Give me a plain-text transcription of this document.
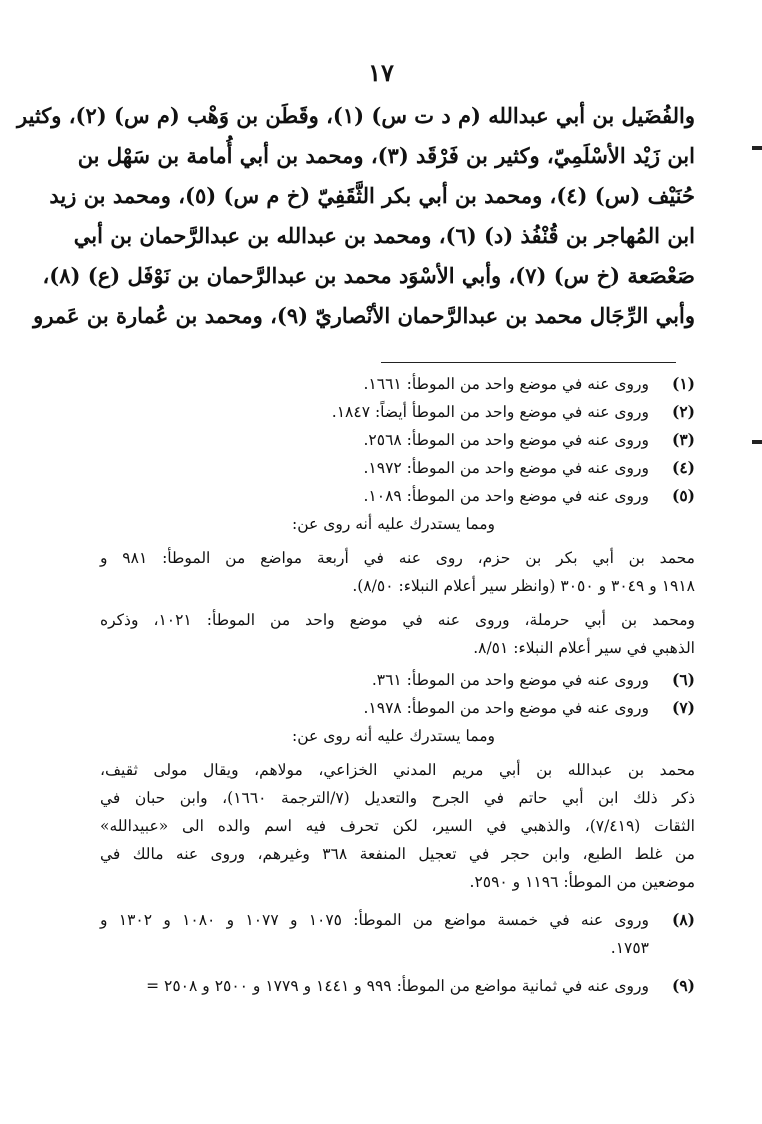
١٧
والفُضَيل بن أبي عبدالله (م د ت س) (١)، وقَطَن بن وَهْب (م س) (٢)، وكثير
ابن زَيْد الأسْلَمِيّ، وكثير بن فَرْقَد (٣)، ومحمد بن أبي أُمامة بن سَهْل بن
حُنَيْف (س) (٤)، ومحمد بن أبي بكر الثَّقَفِيّ (خ م س) (٥)، ومحمد بن زيد
ابن المُهاجر بن قُنْفُذ (د) (٦)، ومحمد بن عبدالله بن عبدالرَّحمان بن أبي
صَعْصَعة (خ س) (٧)، وأبي الأسْوَد محمد بن عبدالرَّحمان بن نَوْفَل (ع) (٨)،
وأبي الرِّجَال محمد بن عبدالرَّحمان الأنْصاريّ (٩)، ومحمد بن عُمارة بن عَمرو
(١)وروى عنه في موضع واحد من الموطأ: ١٦٦١.
(٢)وروى عنه في موضع واحد من الموطأ أيضاً: ١٨٤٧.
(٣)وروى عنه في موضع واحد من الموطأ: ٢٥٦٨.
(٤)وروى عنه في موضع واحد من الموطأ: ١٩٧٢.
(٥)وروى عنه في موضع واحد من الموطأ: ١٠٨٩.
ومما يستدرك عليه أنه روى عن:
محمد بن أبي بكر بن حزم، روى عنه في أربعة مواضع من الموطأ: ٩٨١ و
١٩١٨ و ٣٠٤٩ و ٣٠٥٠ (وانظر سير أعلام النبلاء: ٨/٥٠).
ومحمد بن أبي حرملة، وروى عنه في موضع واحد من الموطأ: ١٠٢١، وذكره
الذهبي في سير أعلام النبلاء: ٨/٥١.
(٦)وروى عنه في موضع واحد من الموطأ: ٣٦١.
(٧)وروى عنه في موضع واحد من الموطأ: ١٩٧٨.
ومما يستدرك عليه أنه روى عن:
محمد بن عبدالله بن أبي مريم المدني الخزاعي، مولاهم، ويقال مولى ثقيف،
ذكر ذلك ابن أبي حاتم في الجرح والتعديل (٧/الترجمة ١٦٦٠)، وابن حبان في
الثقات (٧/٤١٩)، والذهبي في السير، لكن تحرف فيه اسم والده الى «عبيدالله»
من غلط الطبع، وابن حجر في تعجيل المنفعة ٣٦٨ وغيرهم، وروى عنه مالك في
موضعين من الموطأ: ١١٩٦ و ٢٥٩٠.
(٨)وروى عنه في خمسة مواضع من الموطأ: ١٠٧٥ و ١٠٧٧ و ١٠٨٠ و ١٣٠٢ و
١٧٥٣.
(٩)وروى عنه في ثمانية مواضع من الموطأ: ٩٩٩ و ١٤٤١ و ١٧٧٩ و ٢٥٠٠ و ٢٥٠٨ =
